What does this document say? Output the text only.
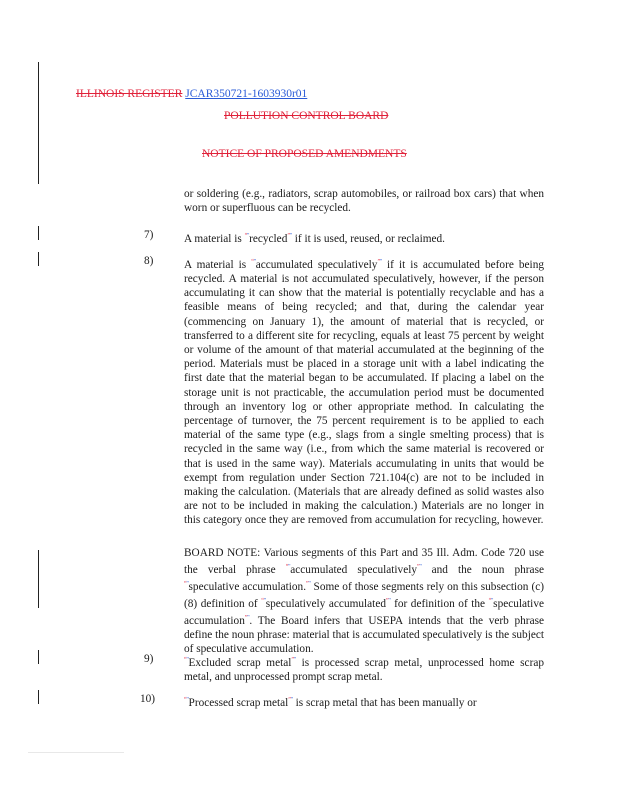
ILLINOIS REGISTER JCAR350721-1603930r01
POLLUTION CONTROL BOARD
NOTICE OF PROPOSED AMENDMENTS
or soldering (e.g., radiators, scrap automobiles, or railroad box cars) that when worn or superfluous can be recycled.
7)	A material is “"recycled”" if it is used, reused, or reclaimed.
8)	A material is “"accumulated speculatively”" if it is accumulated before being recycled. A material is not accumulated speculatively, however, if the person accumulating it can show that the material is potentially recyclable and has a feasible means of being recycled; and that, during the calendar year (commencing on January 1), the amount of material that is recycled, or transferred to a different site for recycling, equals at least 75 percent by weight or volume of the amount of that material accumulated at the beginning of the period. Materials must be placed in a storage unit with a label indicating the first date that the material began to be accumulated. If placing a label on the storage unit is not practicable, the accumulation period must be documented through an inventory log or other appropriate method. In calculating the percentage of turnover, the 75 percent requirement is to be applied to each material of the same type (e.g., slags from a single smelting process) that is recycled in the same way (i.e., from which the same material is recovered or that is used in the same way). Materials accumulating in units that would be exempt from regulation under Section 721.104(c) are not to be included in making the calculation. (Materials that are already defined as solid wastes also are not to be included in making the calculation.) Materials are no longer in this category once they are removed from accumulation for recycling, however.
BOARD NOTE: Various segments of this Part and 35 Ill. Adm. Code 720 use the verbal phrase “"accumulated speculatively”" and the noun phrase “"speculative accumulation.”" Some of those segments rely on this subsection (c)(8) definition of “"speculatively accumulated”" for definition of the “"speculative accumulation”". The Board infers that USEPA intends that the verb phrase define the noun phrase: material that is accumulated speculatively is the subject of speculative accumulation.
9)	“"Excluded scrap metal”" is processed scrap metal, unprocessed home scrap metal, and unprocessed prompt scrap metal.
10)	“"Processed scrap metal”" is scrap metal that has been manually or
